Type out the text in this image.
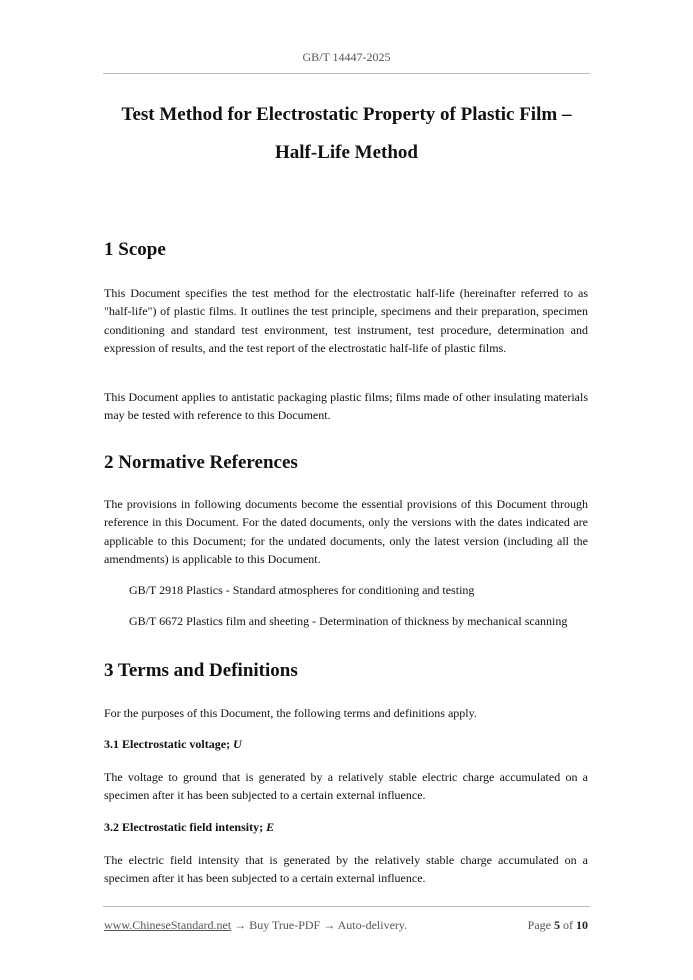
GB/T 14447-2025
Test Method for Electrostatic Property of Plastic Film –
Half-Life Method
1 Scope

This Document specifies the test method for the electrostatic half-life (hereinafter referred to as "half-life") of plastic films. It outlines the test principle, specimens and their preparation, specimen conditioning and standard test environment, test instrument, test procedure, determination and expression of results, and the test report of the electrostatic half-life of plastic films.

This Document applies to antistatic packaging plastic films; films made of other insulating materials may be tested with reference to this Document.

2 Normative References

The provisions in following documents become the essential provisions of this Document through reference in this Document. For the dated documents, only the versions with the dates indicated are applicable to this Document; for the undated documents, only the latest version (including all the amendments) is applicable to this Document.

GB/T 2918 Plastics - Standard atmospheres for conditioning and testing

GB/T 6672 Plastics film and sheeting - Determination of thickness by mechanical scanning

3 Terms and Definitions

For the purposes of this Document, the following terms and definitions apply.

3.1 Electrostatic voltage; U

The voltage to ground that is generated by a relatively stable electric charge accumulated on a specimen after it has been subjected to a certain external influence.

3.2 Electrostatic field intensity; E

The electric field intensity that is generated by the relatively stable charge accumulated on a specimen after it has been subjected to a certain external influence.

www.ChineseStandard.net → Buy True-PDF → Auto-delivery.	Page 5 of 10
